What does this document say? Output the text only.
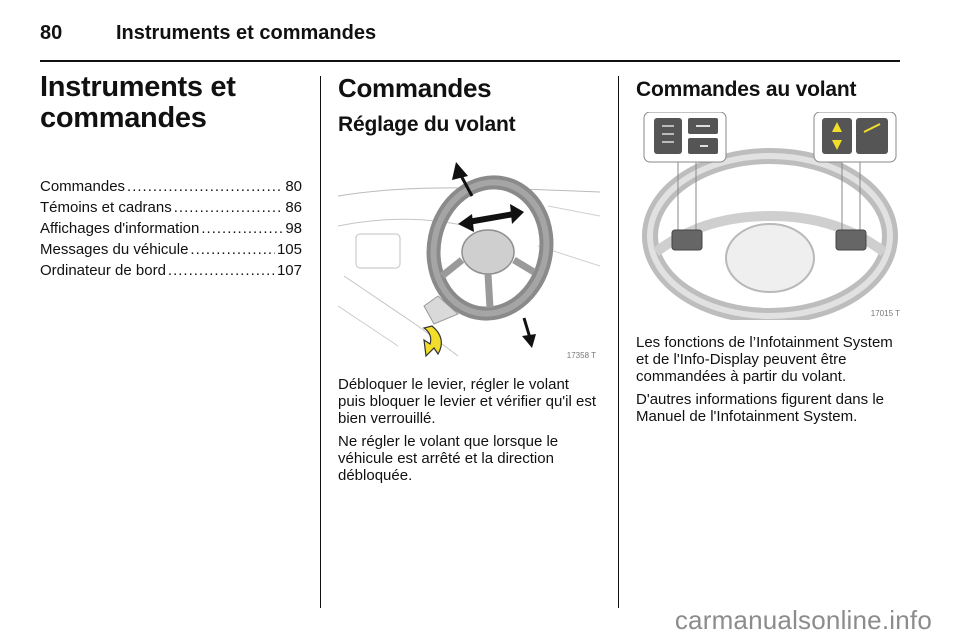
80	Instruments et commandes
Instruments et
commandes
Commandes .....	80
Témoins et cadrans .....	86
Affichages d'information .....	98
Messages du véhicule .....	105
Ordinateur de bord .....	107
Commandes
Réglage du volant
17358 T

Débloquer le levier, régler le volant puis bloquer le levier et vérifier qu'il est bien verrouillé.

Ne régler le volant que lorsque le véhicule est arrêté et la direction débloquée.

Commandes au volant
17015 T

Les fonctions de l’Infotainment System et de l'Info-Display peuvent être commandées à partir du volant.

D'autres informations figurent dans le Manuel de l'Infotainment System.

carmanualsonline.info
